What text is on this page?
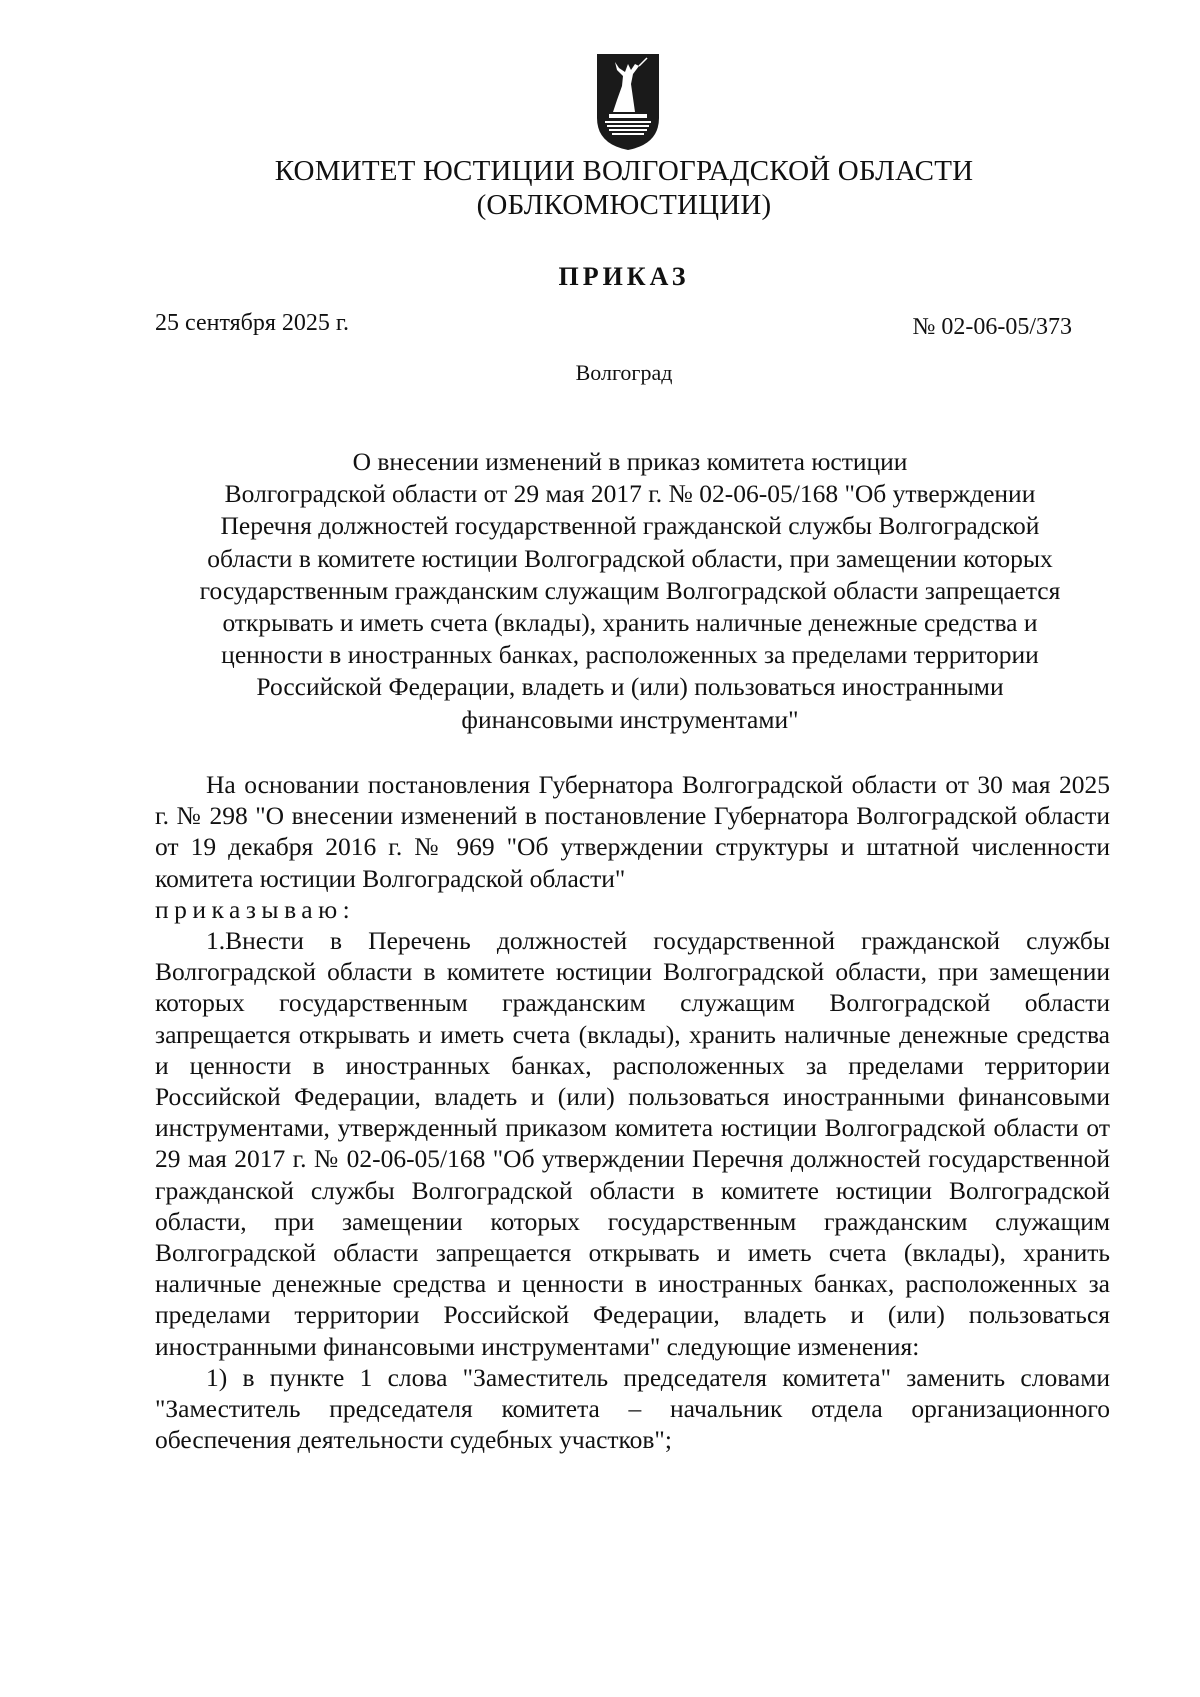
КОМИТЕТ ЮСТИЦИИ ВОЛГОГРАДСКОЙ ОБЛАСТИ
(ОБЛКОМЮСТИЦИИ)
ПРИКАЗ
25 сентября 2025 г.	№ 02-06-05/373
Волгоград
О внесении изменений в приказ комитета юстиции
Волгоградской области от 29 мая 2017 г. № 02-06-05/168 "Об утверждении
Перечня должностей государственной гражданской службы Волгоградской
области в комитете юстиции Волгоградской области, при замещении которых
государственным гражданским служащим Волгоградской области запрещается
открывать и иметь счета (вклады), хранить наличные денежные средства и
ценности в иностранных банках, расположенных за пределами территории
Российской Федерации, владеть и (или) пользоваться иностранными
финансовыми инструментами"

На основании постановления Губернатора Волгоградской области от 30 мая 2025 г. № 298 "О внесении изменений в постановление Губернатора Волгоградской области от 19 декабря 2016 г. № 969 "Об утверждении структуры и штатной численности комитета юстиции Волгоградской области"
приказываю:

1.Внести в Перечень должностей государственной гражданской службы Волгоградской области в комитете юстиции Волгоградской области, при замещении которых государственным гражданским служащим Волгоградской области запрещается открывать и иметь счета (вклады), хранить наличные денежные средства и ценности в иностранных банках, расположенных за пределами территории Российской Федерации, владеть и (или) пользоваться иностранными финансовыми инструментами, утвержденный приказом комитета юстиции Волгоградской области от 29 мая 2017 г. № 02-06-05/168 "Об утверждении Перечня должностей государственной гражданской службы Волгоградской области в комитете юстиции Волгоградской области, при замещении которых государственным гражданским служащим Волгоградской области запрещается открывать и иметь счета (вклады), хранить наличные денежные средства и ценности в иностранных банках, расположенных за пределами территории Российской Федерации, владеть и (или) пользоваться иностранными финансовыми инструментами" следующие изменения:

1) в пункте 1 слова "Заместитель председателя комитета" заменить словами "Заместитель председателя комитета – начальник отдела организационного обеспечения деятельности судебных участков";
